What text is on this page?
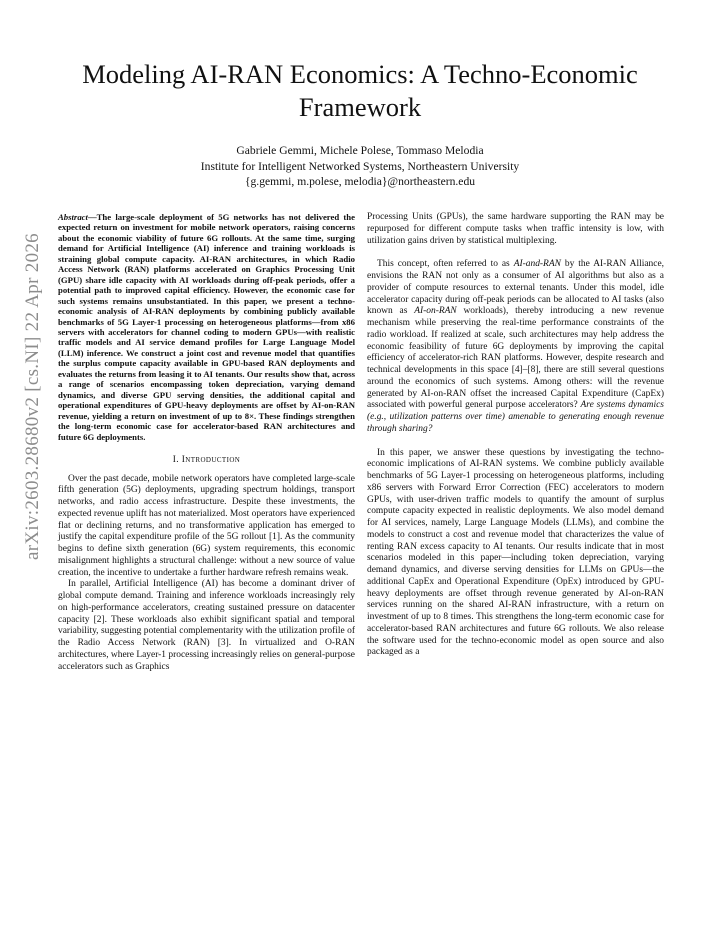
arXiv:2603.28680v2 [cs.NI] 22 Apr 2026
Modeling AI-RAN Economics: A Techno-Economic Framework
Gabriele Gemmi, Michele Polese, Tommaso Melodia
Institute for Intelligent Networked Systems, Northeastern University
{g.gemmi, m.polese, melodia}@northeastern.edu

Abstract—The large-scale deployment of 5G networks has not delivered the expected return on investment for mobile network operators, raising concerns about the economic viability of future 6G rollouts. At the same time, surging demand for Artificial Intelligence (AI) inference and training workloads is straining global compute capacity. AI-RAN architectures, in which Radio Access Network (RAN) platforms accelerated on Graphics Processing Unit (GPU) share idle capacity with AI workloads during off-peak periods, offer a potential path to improved capital efficiency. However, the economic case for such systems remains unsubstantiated. In this paper, we present a techno-economic analysis of AI-RAN deployments by combining publicly available benchmarks of 5G Layer-1 processing on heterogeneous platforms—from x86 servers with accelerators for channel coding to modern GPUs—with realistic traffic models and AI service demand profiles for Large Language Model (LLM) inference. We construct a joint cost and revenue model that quantifies the surplus compute capacity available in GPU-based RAN deployments and evaluates the returns from leasing it to AI tenants. Our results show that, across a range of scenarios encompassing token depreciation, varying demand dynamics, and diverse GPU serving densities, the additional capital and operational expenditures of GPU-heavy deployments are offset by AI-on-RAN revenue, yielding a return on investment of up to 8×. These findings strengthen the long-term economic case for accelerator-based RAN architectures and future 6G deployments.

I. Introduction

Over the past decade, mobile network operators have completed large-scale fifth generation (5G) deployments, upgrading spectrum holdings, transport networks, and radio access infrastructure. Despite these investments, the expected revenue uplift has not materialized. Most operators have experienced flat or declining returns, and no transformative application has emerged to justify the capital expenditure profile of the 5G rollout [1]. As the community begins to define sixth generation (6G) system requirements, this economic misalignment highlights a structural challenge: without a new source of value creation, the incentive to undertake a further hardware refresh remains weak.

In parallel, Artificial Intelligence (AI) has become a dominant driver of global compute demand. Training and inference workloads increasingly rely on high-performance accelerators, creating sustained pressure on datacenter capacity [2]. These workloads also exhibit significant spatial and temporal variability, suggesting potential complementarity with the utilization profile of the Radio Access Network (RAN) [3]. In virtualized and O-RAN architectures, where Layer-1 processing increasingly relies on general-purpose accelerators such as Graphics

Processing Units (GPUs), the same hardware supporting the RAN may be repurposed for different compute tasks when traffic intensity is low, with utilization gains driven by statistical multiplexing.

This concept, often referred to as AI-and-RAN by the AI-RAN Alliance, envisions the RAN not only as a consumer of AI algorithms but also as a provider of compute resources to external tenants. Under this model, idle accelerator capacity during off-peak periods can be allocated to AI tasks (also known as AI-on-RAN workloads), thereby introducing a new revenue mechanism while preserving the real-time performance constraints of the radio workload. If realized at scale, such architectures may help address the economic feasibility of future 6G deployments by improving the capital efficiency of accelerator-rich RAN platforms. However, despite research and technical developments in this space [4]–[8], there are still several questions around the economics of such systems. Among others: will the revenue generated by AI-on-RAN offset the increased Capital Expenditure (CapEx) associated with powerful general purpose accelerators? Are systems dynamics (e.g., utilization patterns over time) amenable to generating enough revenue through sharing?

In this paper, we answer these questions by investigating the techno-economic implications of AI-RAN systems. We combine publicly available benchmarks of 5G Layer-1 processing on heterogeneous platforms, including x86 servers with Forward Error Correction (FEC) accelerators to modern GPUs, with user-driven traffic models to quantify the amount of surplus compute capacity expected in realistic deployments. We also model demand for AI services, namely, Large Language Models (LLMs), and combine the models to construct a cost and revenue model that characterizes the value of renting RAN excess capacity to AI tenants. Our results indicate that in most scenarios modeled in this paper—including token depreciation, varying demand dynamics, and diverse serving densities for LLMs on GPUs—the additional CapEx and Operational Expenditure (OpEx) introduced by GPU-heavy deployments are offset through revenue generated by AI-on-RAN services running on the shared AI-RAN infrastructure, with a return on investment of up to 8 times. This strengthens the long-term economic case for accelerator-based RAN architectures and future 6G rollouts. We also release the software used for the techno-economic model as open source and also packaged as a
